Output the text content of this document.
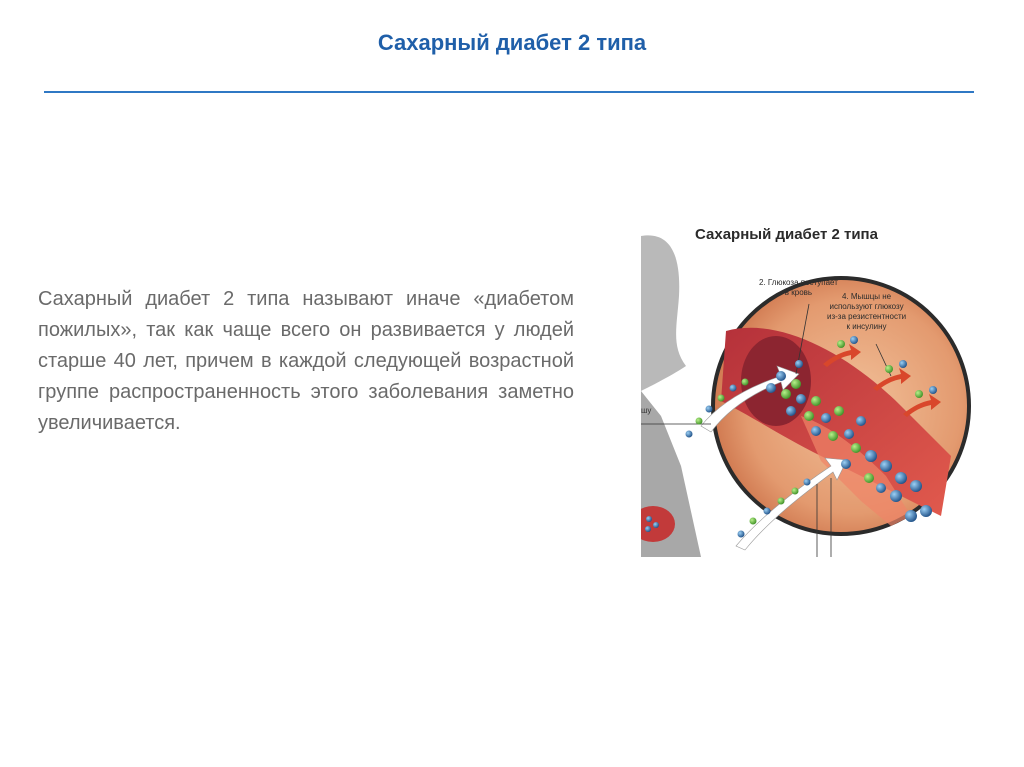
Сахарный диабет 2 типа
Сахарный диабет 2 типа называют иначе «диабетом пожилых», так как чаще всего он развивается у людей старше 40 лет, причем в каждой следующей возрастной группе распространенность этого заболевания заметно увеличивается.
Сахарный диабет 2 типа
2. Глюкоза поступает
в кровь	4. Мышцы не
используют глюкозу
из-за резистентности
к инсулину
шу
